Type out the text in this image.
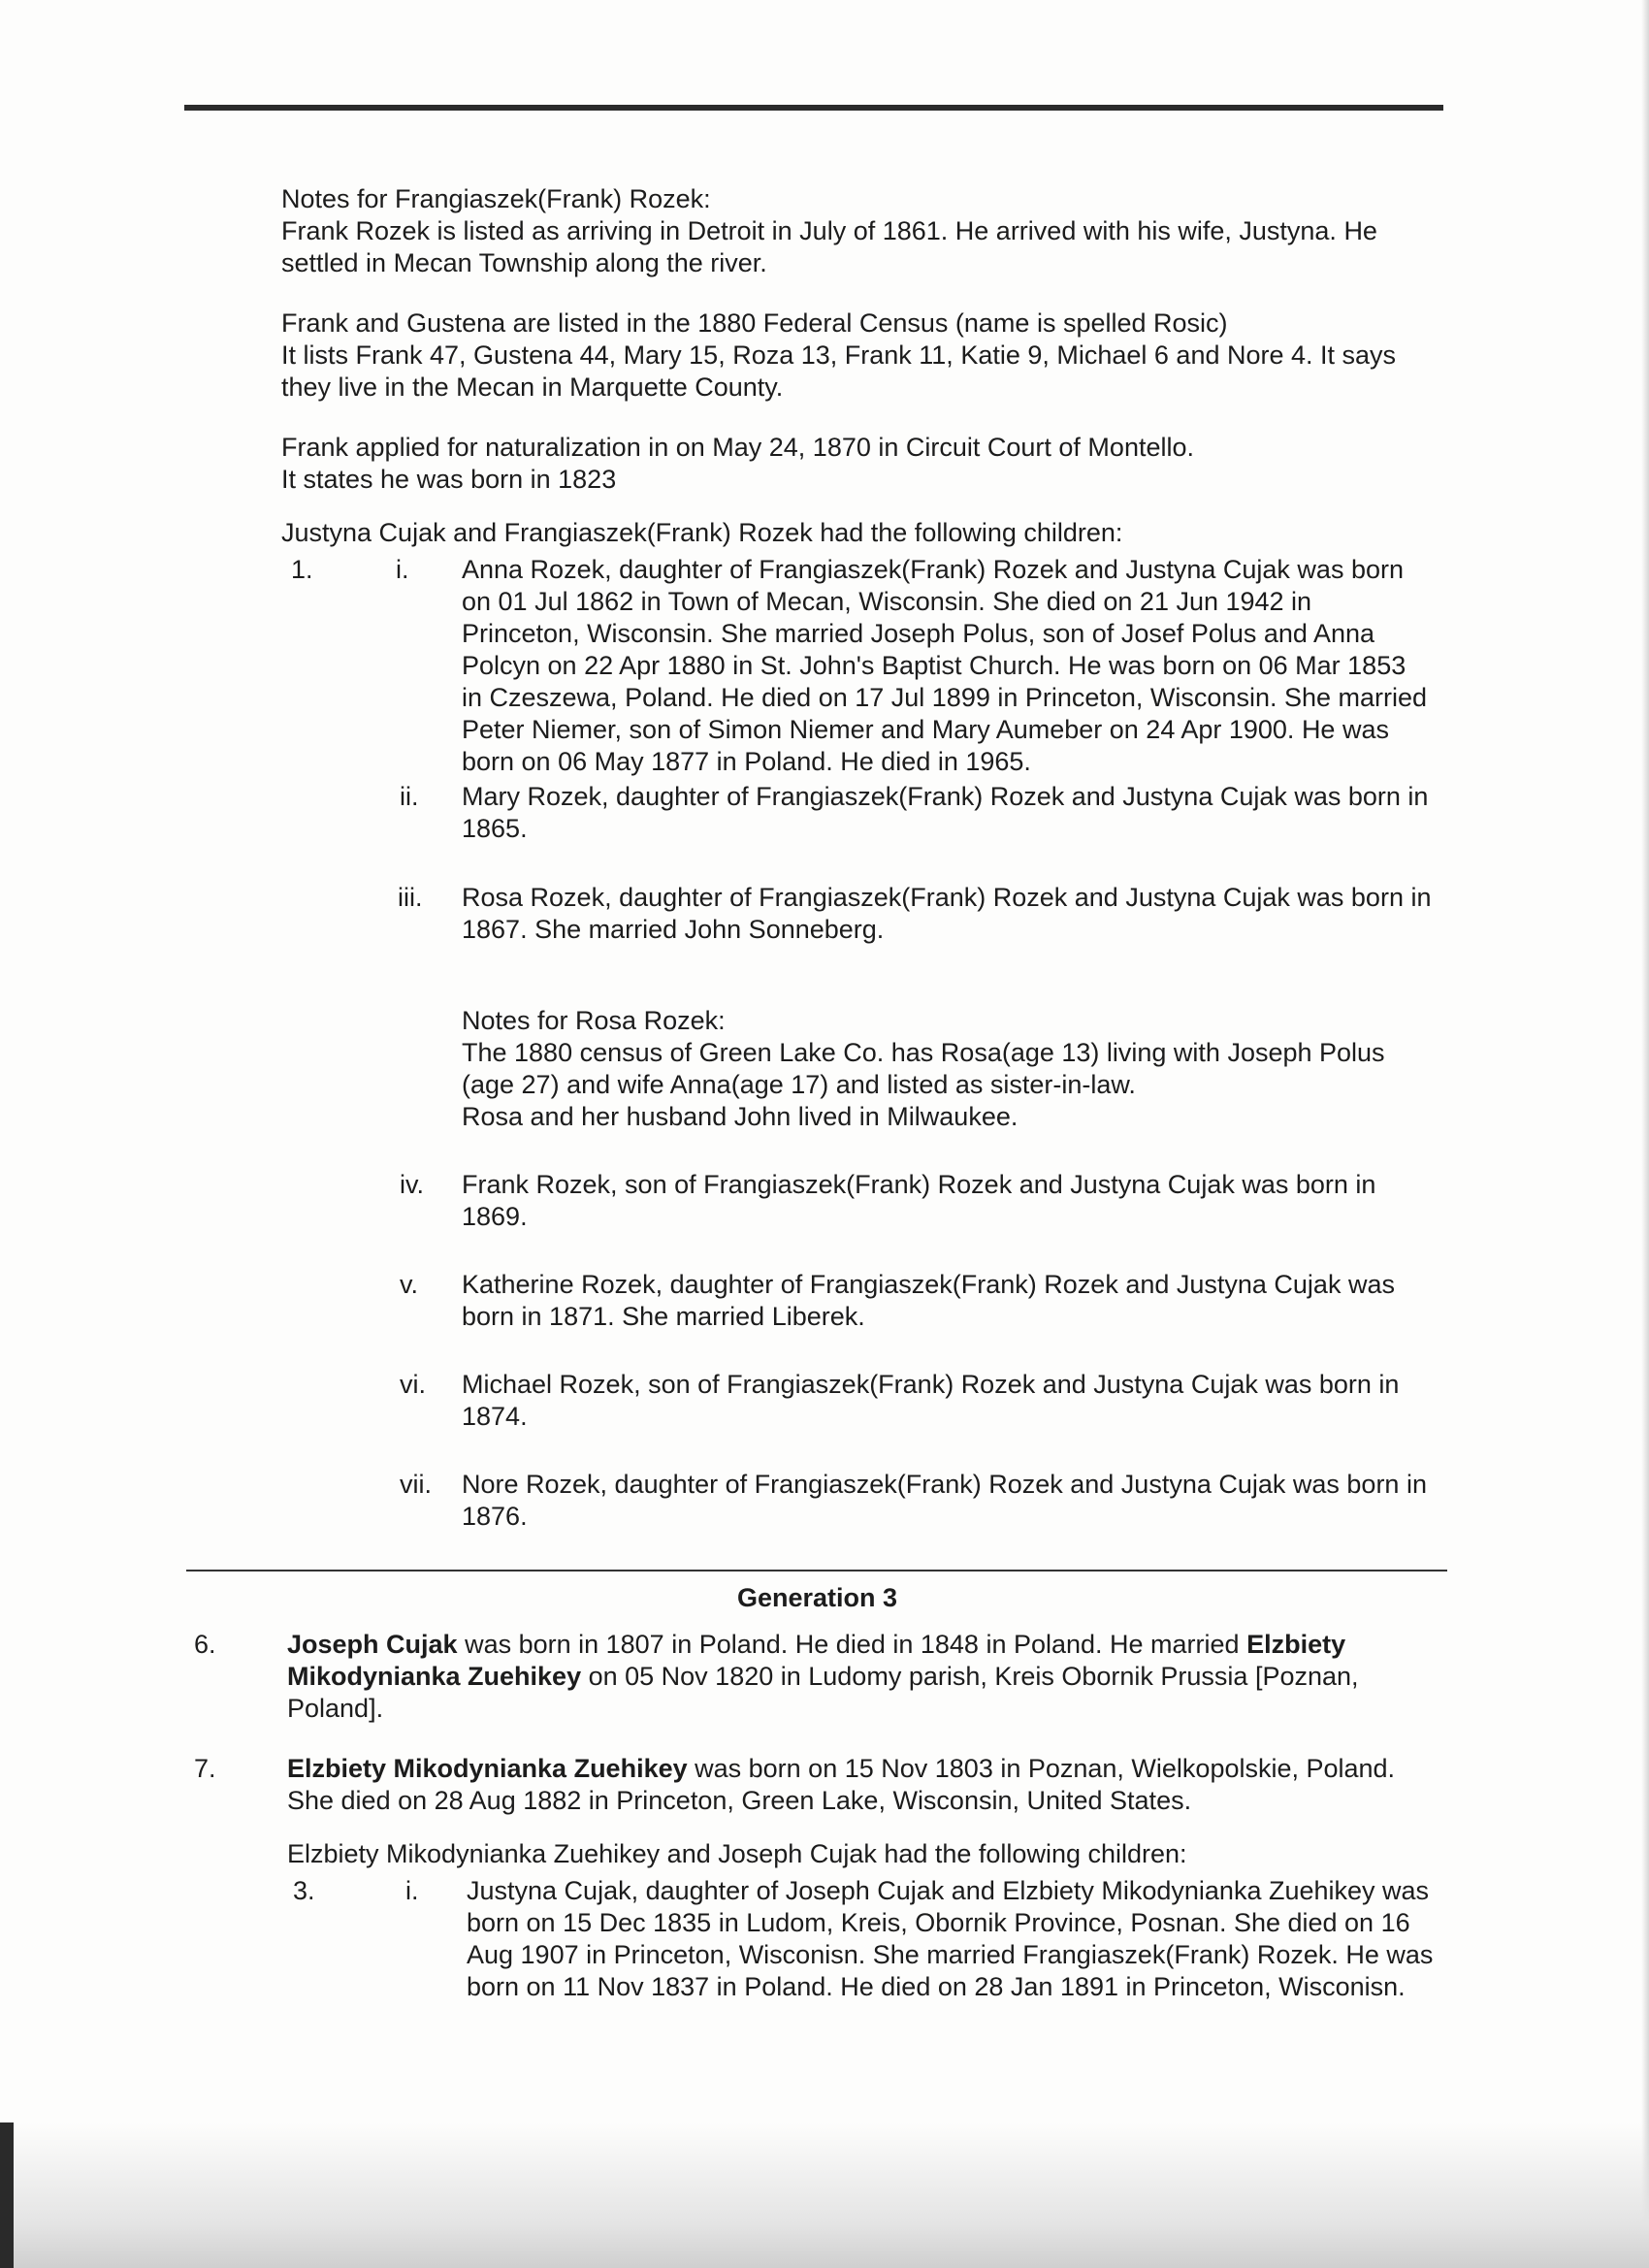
Notes for Frangiaszek(Frank) Rozek:
Frank Rozek is listed as arriving in Detroit in July of 1861. He arrived with his wife, Justyna. He
settled in Mecan Township along the river.
Frank and Gustena are listed in the 1880 Federal Census (name is spelled Rosic)
It lists Frank 47, Gustena 44, Mary 15, Roza 13, Frank 11, Katie 9, Michael 6 and Nore 4. It says
they live in the Mecan in Marquette County.
Frank applied for naturalization in on May 24, 1870 in Circuit Court of Montello.
It states he was born in 1823
Justyna Cujak and Frangiaszek(Frank) Rozek had the following children:
1.	i. Anna Rozek, daughter of Frangiaszek(Frank) Rozek and Justyna Cujak was born
on 01 Jul 1862 in Town of Mecan, Wisconsin. She died on 21 Jun 1942 in
Princeton, Wisconsin. She married Joseph Polus, son of Josef Polus and Anna
Polcyn on 22 Apr 1880 in St. John's Baptist Church. He was born on 06 Mar 1853
in Czeszewa, Poland. He died on 17 Jul 1899 in Princeton, Wisconsin. She married
Peter Niemer, son of Simon Niemer and Mary Aumeber on 24 Apr 1900. He was
born on 06 May 1877 in Poland. He died in 1965.
ii. Mary Rozek, daughter of Frangiaszek(Frank) Rozek and Justyna Cujak was born in
1865.
iii. Rosa Rozek, daughter of Frangiaszek(Frank) Rozek and Justyna Cujak was born in
1867. She married John Sonneberg.
Notes for Rosa Rozek:
The 1880 census of Green Lake Co. has Rosa(age 13) living with Joseph Polus
(age 27) and wife Anna(age 17) and listed as sister-in-law.
Rosa and her husband John lived in Milwaukee.
iv. Frank Rozek, son of Frangiaszek(Frank) Rozek and Justyna Cujak was born in
1869.
v. Katherine Rozek, daughter of Frangiaszek(Frank) Rozek and Justyna Cujak was
born in 1871. She married Liberek.
vi. Michael Rozek, son of Frangiaszek(Frank) Rozek and Justyna Cujak was born in
1874.
vii. Nore Rozek, daughter of Frangiaszek(Frank) Rozek and Justyna Cujak was born in
1876.
Generation 3
6.	Joseph Cujak was born in 1807 in Poland. He died in 1848 in Poland. He married Elzbiety
Mikodynianka Zuehikey on 05 Nov 1820 in Ludomy parish, Kreis Obornik Prussia [Poznan,
Poland].
7.	Elzbiety Mikodynianka Zuehikey was born on 15 Nov 1803 in Poznan, Wielkopolskie, Poland.
She died on 28 Aug 1882 in Princeton, Green Lake, Wisconsin, United States.
Elzbiety Mikodynianka Zuehikey and Joseph Cujak had the following children:
3.	i. Justyna Cujak, daughter of Joseph Cujak and Elzbiety Mikodynianka Zuehikey was
born on 15 Dec 1835 in Ludom, Kreis, Obornik Province, Posnan. She died on 16
Aug 1907 in Princeton, Wisconisn. She married Frangiaszek(Frank) Rozek. He was
born on 11 Nov 1837 in Poland. He died on 28 Jan 1891 in Princeton, Wisconisn.
